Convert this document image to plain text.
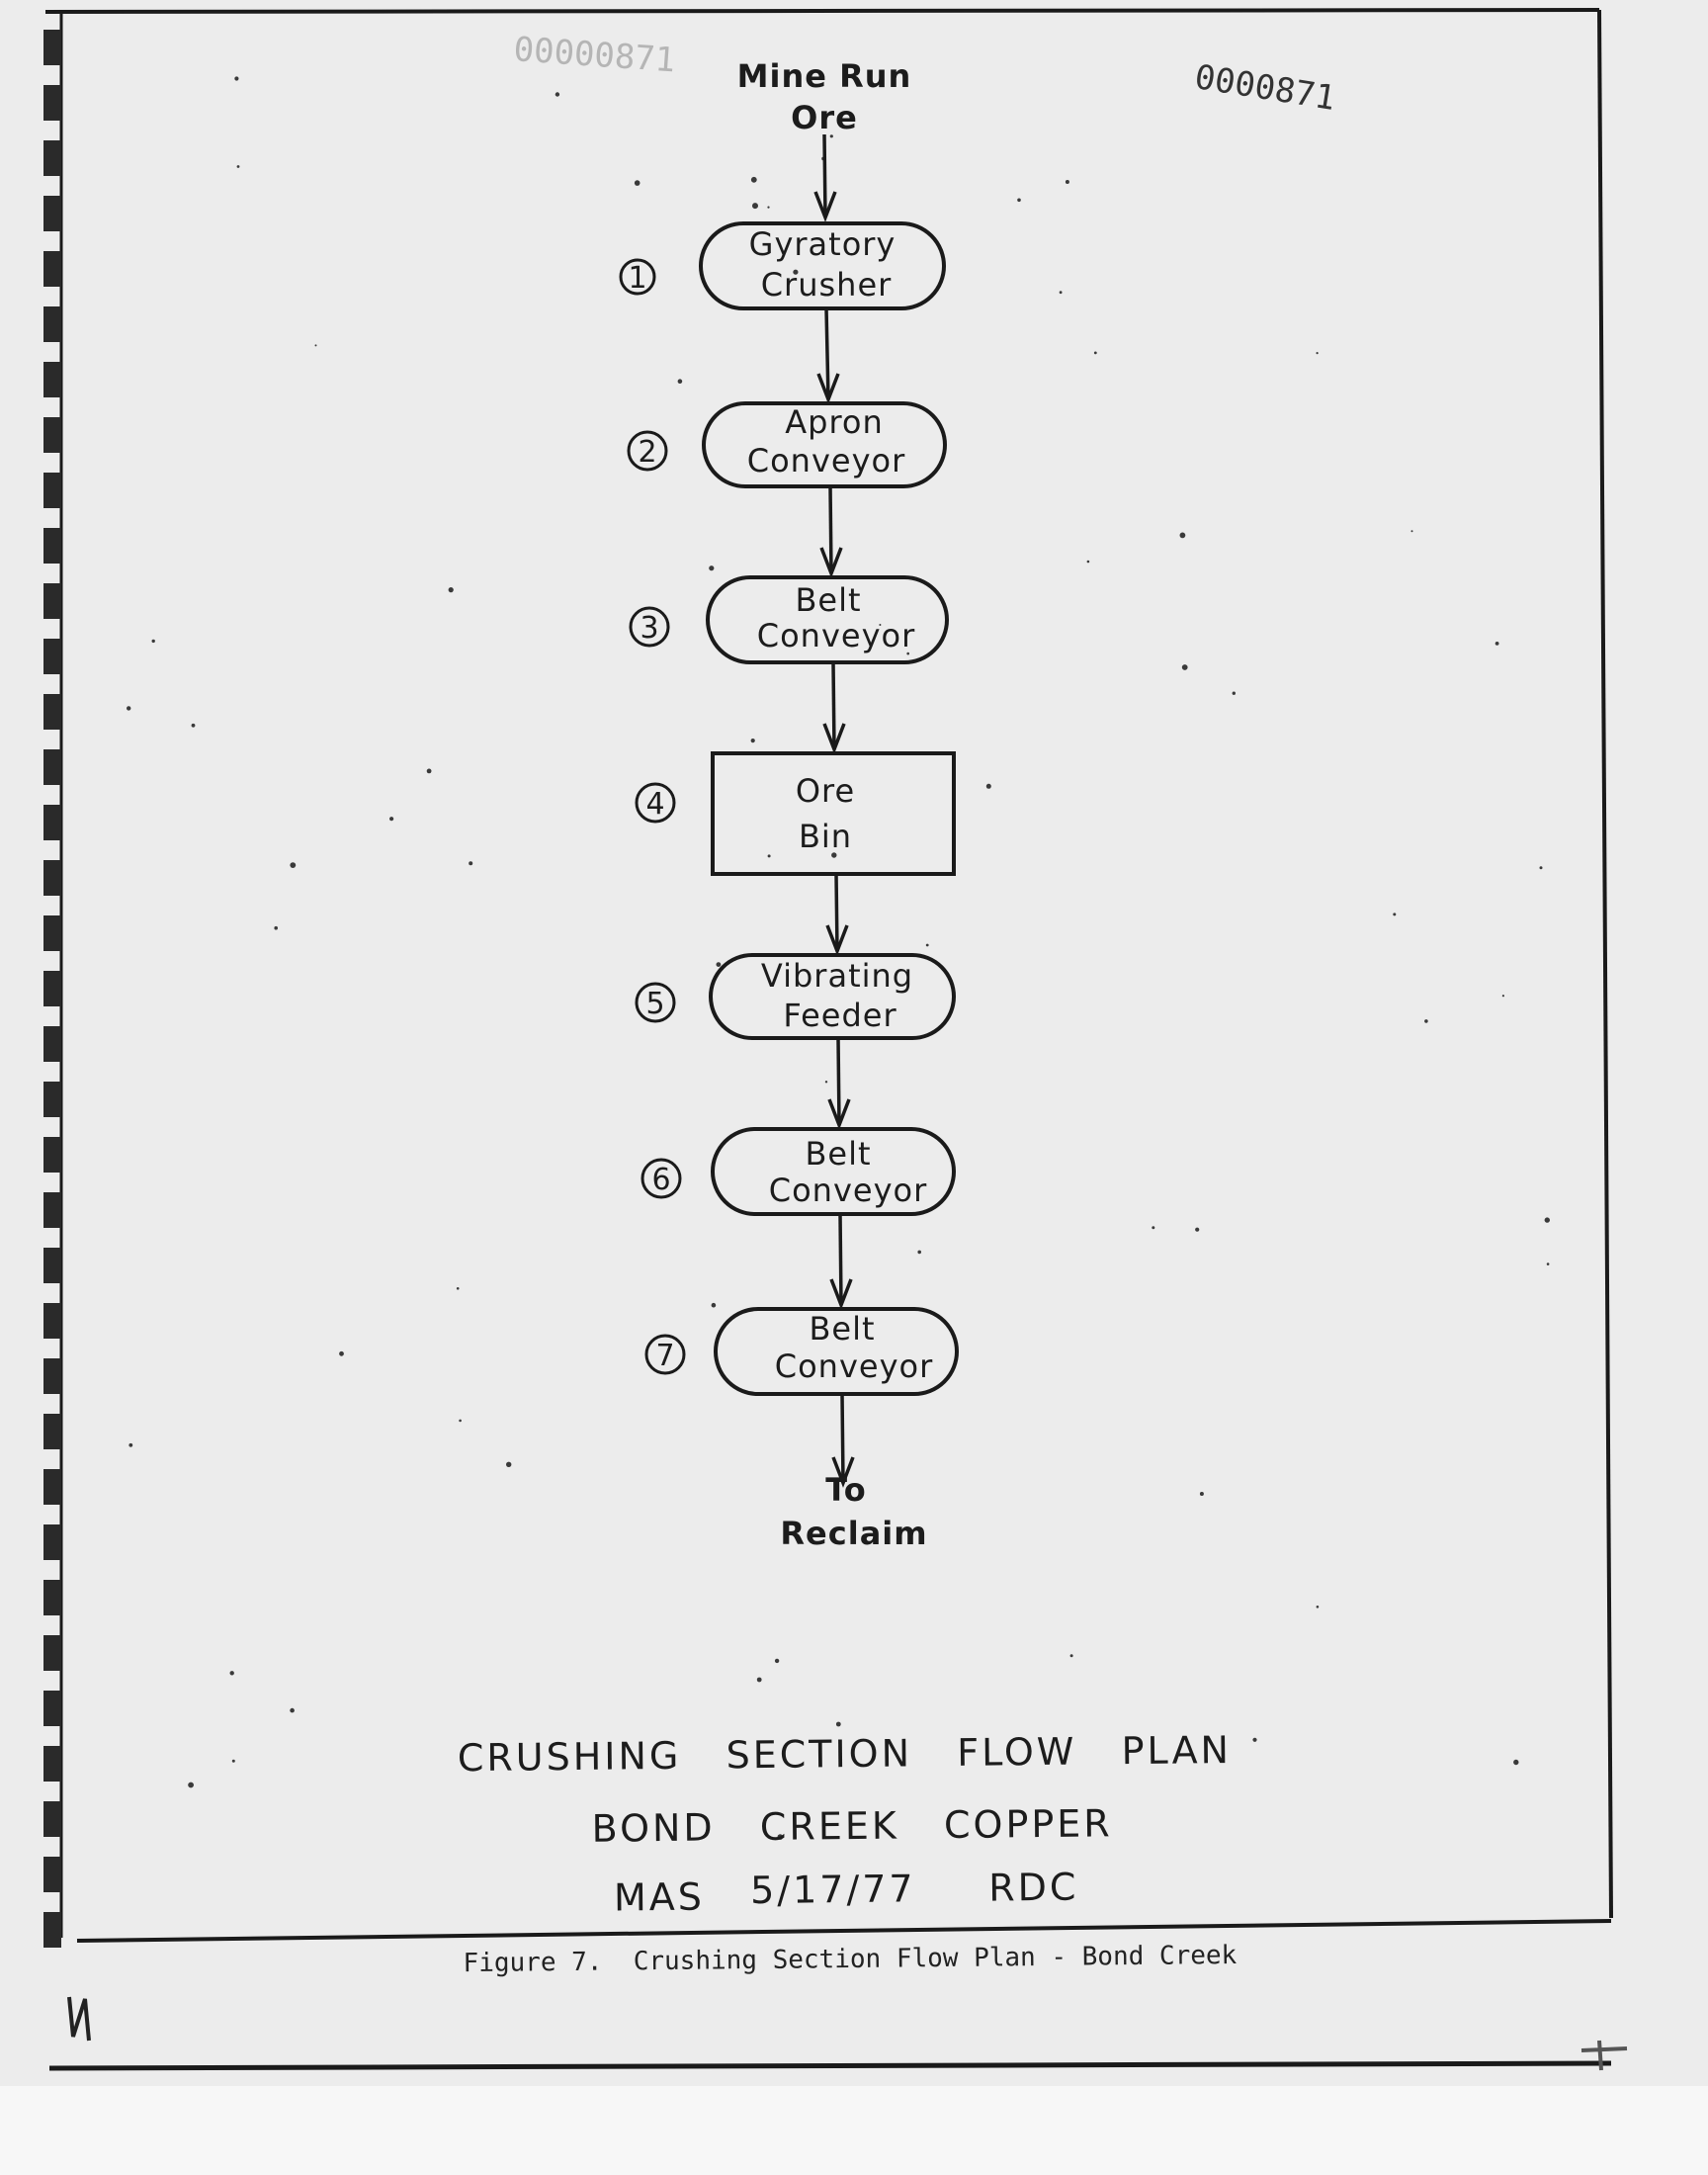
00000871
0000871
Mine Run
Ore
Gyratory
Crusher
1
Apron
Conveyor
2
Belt
Conveyor
3
Ore
Bin
4
Vibrating
Feeder
5
Belt
Conveyor
6
Belt
Conveyor
7
To
Reclaim
CRUSHING   SECTION   FLOW   PLAN
BOND   CREEK   COPPER
MAS 5/17/77 RDC
Figure 7.  Crushing Section Flow Plan - Bond Creek
